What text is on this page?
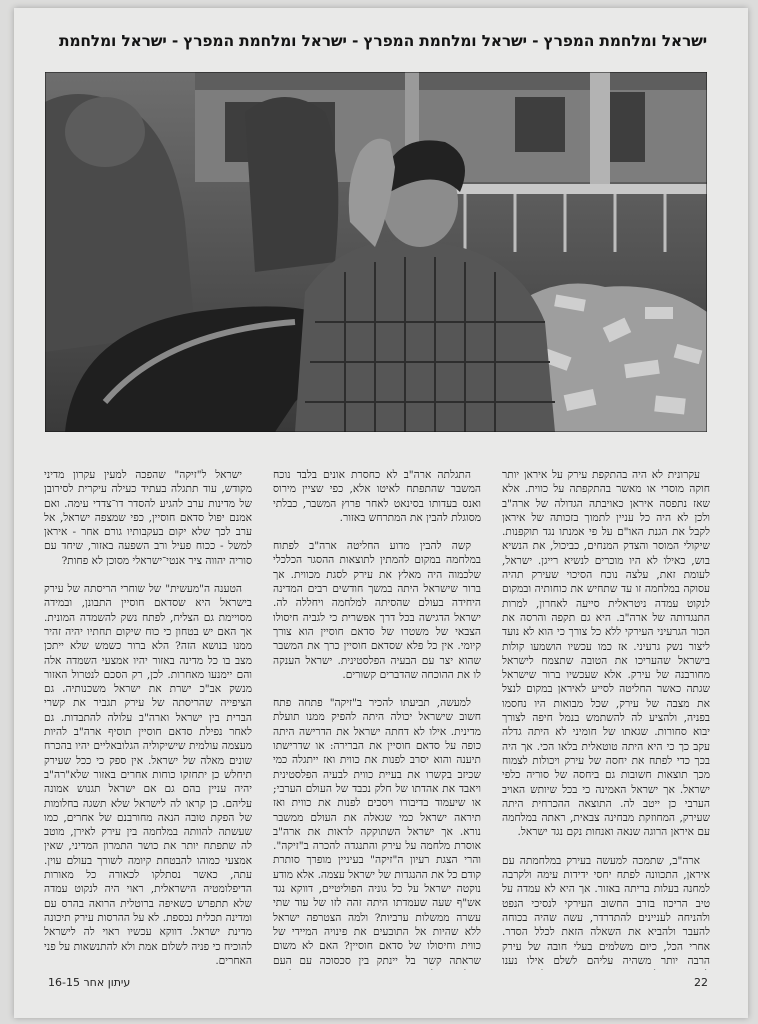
ישראל ומלחמת המפרץ - ישראל ומלחמת המפרץ - ישראל ומלחמת המפרץ - ישראל ומלחמת

עקרונית לא היה בהתקפת עירק על איראן יותר חוקה מוסרי או מאשר בהתקפתה על כווית. אלא שאז נתפסה איראן כאויבתה הגדולה של ארה"ב ולכן לא היה כל עניין לתמוך בזכותה של איראן לקבל את הגנת האו"ם על פי אמנתו נגד תוקפנות. שיקולי המוסר והצדק המנחים, כביכול, את הנשיא בוש, כאילו לא היו מוכרים לנשיא רייגן. ישראל, לעומת זאת, עלצה נוכח הסיכוי שעירק תהיה עסוקה במלחמה זו עד שתחיש את כוחותיה ובמקום לנקוט עמדה ניטראלית סייעה לאחרון, למרות התנגדותה של ארה"ב. היא גם תקפה והרסה את הכור הגרעיני העירקי ללא כל צורך כי הוא לא נועד ליצור נשק גרעיני. אז כמו עכשיו הושמעו קולות בישראל שהעריכו את הטובה שתצמח לישראל מחורבנה של עירק. אלא שעכשיו ברור שישראל שגתה כאשר החליטה לסייע לאיראן במקום לנצל את מצבה של עירק, שכל מבואות היו נחסמו בפניה, ולהציע לה להשתמש בנמל חיפה לצורך יבוא סחורות. שגאתו של חומיני לא היתה גדלה עקב כך כי היא היתה טוטאלית בלאו הכי. אך היה בכך כדי לפתח את יחסה של עירק ויכולות לצמוח מכך תוצאות חשובות גם ביחסה של סוריה כלפי ישראל. אך ישראל האמינה כי בכל שיותש האויב הערבי כן ייטב לה. התוצאה ההכרחית היתה שעירק, המחוזקת מבחינה צבאית, ראתה במלחמה עם איראן הרוגה שנאה ואנחות נקם נגד ישראל.

ארה"ב, שתמכה למעשה בעירק במלחמתה עם איראן, התכוונה לפתח יחסי ידידות עימה ולקרבה למחנה בעלות בריתה באזור. אך היא לא עמדה על טיב הריכוז בזרב החשוב העירקי לנסיכי הנפט ולהניחה לעניינים להתדרדר, עשה שהיה בכוחה להעבר ולהביא את השאלה הזאת לכלל הסדר. אחרי הכל, כיום משלמים בעלי חובה של עירק הרבה יותר משהיה עליהם לשלם אילו נענו

התגלתה ארה"ב לא כחסרת אונים בלבד נוכח המשבר שהתפתח לאיטו אלא, כפי שציין מירוס ואנס בעדותו בסינאט לאחר פרוץ המשבר, כבלתי מסוגלת להבין את המתרחש באזור.

קשה להבין מדוע החליטה ארה"ב לפתוח במלחמה במקום להמתין לתוצאות ההסגר הכלכלי שלכמוה היה מאלץ את עירק לסגת מכווית. אך ברור שישראל היתה במשך חודשים רבים המדינה היחידה בעולם שהסיתה למלחמה ויחללה לה. ישראל הדגישה בכל דרך אפשרית כי לגביה חיסולו הצבאי של משטרו של סדאם חוסיין הוא צורך קיומי. אין כל פלא שסדאם חוסיין כרך את המשבר שהוא יצר עם הבעיה הפלסטינית. ישראל הענקה לו את ההוכחה שהדברים קשורים.

למעשה, תביעתו להכיר ב"זיקה" פתחה פתח חשוב שישראל יכולה היתה להפיק ממנו תועלת מדינית. אילו לא דחתה ישראל את הדרישה היתה כופה על סדאם חוסיין את הברירה: או שדרישתו תיענה והוא יסרב לפנות את כווית ואז ייתגלה כמי שכיזב בקשרו את בעיית כווית לבעיה הפלסטינית ויאבד את אהדתו של חלק נכבד של העולם הערבי; או שיעמוד בדיבורו ויסכים לפנות את כווית ואז תיראה ישראל כמי שגאלה את העולם ממשבר נורא. אך ישראל השתוקקה לראות את ארה"ב אוסרת מלחמה על עירק והתנגדה להכרה ב"זיקה". והרי הצגת רעיון ה"זיקה" בעיניין מופרך סותרת קודם כל את ההנגדות של ישראל עצמה. אלא מודע נוקטה ישראל על כל גוניה הפוליטיים, דווקא נגד אש"ף שעה שעמדתו היתה זהה לזו של עוד שתי עשרה ממשלות ערביות? ולמה הצטרפה ישראל ללא שהיות אל התובעים את פינויה המיידי של כווית וחיסולו של סדאם חוסיין? האם לא משום שראתה קשר בל יינתק בין סכסוכה עם העם

ישראל ל"זיקה" שהפכה למעין עקרון מדיני מקודש, עוד תתגלה בעתיד כעילה עיקרית לסירובן של מדינות ערב להגיע להסדר דו־צדדי עימה. ואם אמנם יפול סדאם חוסיין, כפי שמצפה ישראל, אל ערב לכך שלא יקום בעקבותיו גורם אחר - איראן למשל - ככוח פעיל ורב השפעה באזור, שיחד עם סוריה יהווה ציר אנטי־ישראלי מסוכן לא פחות?

הטענה ה"מעשית" של שוחרי הריסתה של עירק בישראל היא שסדאם חוסיין התבונן, ובמידה מסויימת גם הצליח, לפתח נשק להשמדה המונית. אך האם יש בטחון כי כוח שיקום תחתיו יהיה זהיר ממנו בנושא הזה? הלא ברור כשמש שלא ייתכן מצב בו כל מדינה באזור יהיו אמצעי השמדה אלה והם יימנעו מאחרות. לכן, רק הסכם לנטרול האזור מנשק אב"כ ישרת את ישראל משכנותיה. גם הציפייה שהריסתה של עירק תגביר את קשרי הברית בין ישראל וארה"ב עלולה להתבדות. גם לאחר נפילת סדאם חוסיין תוסיף ארה"ב להיות מעצמה עולמית שישיקוליה הגלובאליים יהיו בהכרח שונים מאלה של ישראל. אין ספק כי ככל שעירק תיחלש כן יתחזקו כוחות אחרים באזור שלא"רה"ב יהיה עניין בהם גם אם ישראל תגנוש אמונה עליהם. כן קראו לה לישראל שלא תשגה בחלומות של הפקת טובה הנאה מחורבנם של אחרים, כמו שעשתה להוותה במלחמה בין עירק לאירן, מוטב לה שתפתח יותר את כושר התמרון המדיני, שאין אמצעי כמוהו להבטחת קיומה לשורך בעולם עוין. עתה, כאשר נסתלקו לכאורה כל מאורות הדיפלומטיה הישראלית, ראוי היה לנקוט עמדה שלא תתפרש כשאיפה ברוטלית הרואה בהרס עם ומדינה תכלית נכספת. לא על ההרסות עירק תיכונה מדינת ישראל. דווקא עכשיו ראוי לה לישראל להוכיח כי פניה לשלום אמת ולא להתנשאות על פני האחרים.

22
עיתון אחר 16-15
